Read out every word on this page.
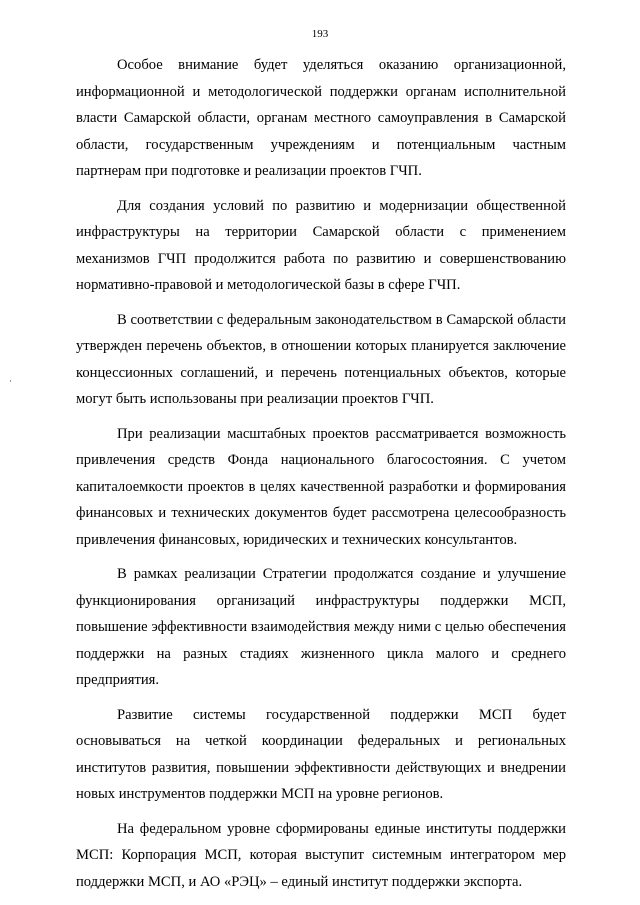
193

Особое внимание будет уделяться оказанию организационной, информационной и методологической поддержки органам исполнительной власти Самарской области, органам местного самоуправления в Самарской области, государственным учреждениям и потенциальным частным партнерам при подготовке и реализации проектов ГЧП.

Для создания условий по развитию и модернизации общественной инфраструктуры на территории Самарской области с применением механизмов ГЧП продолжится работа по развитию и совершенствованию нормативно-правовой и методологической базы в сфере ГЧП.

В соответствии с федеральным законодательством в Самарской области утвержден перечень объектов, в отношении которых планируется заключение концессионных соглашений, и перечень потенциальных объектов, которые могут быть использованы при реализации проектов ГЧП.

При реализации масштабных проектов рассматривается возможность привлечения средств Фонда национального благосостояния. С учетом капиталоемкости проектов в целях качественной разработки и формирования финансовых и технических документов будет рассмотрена целесообразность привлечения финансовых, юридических и технических консультантов.

В рамках реализации Стратегии продолжатся создание и улучшение функционирования организаций инфраструктуры поддержки МСП, повышение эффективности взаимодействия между ними с целью обеспечения поддержки на разных стадиях жизненного цикла малого и среднего предприятия.

Развитие системы государственной поддержки МСП будет основываться на четкой координации федеральных и региональных институтов развития, повышении эффективности действующих и внедрении новых инструментов поддержки МСП на уровне регионов.

На федеральном уровне сформированы единые институты поддержки МСП: Корпорация МСП, которая выступит системным интегратором мер поддержки МСП, и АО «РЭЦ» – единый институт поддержки экспорта.
